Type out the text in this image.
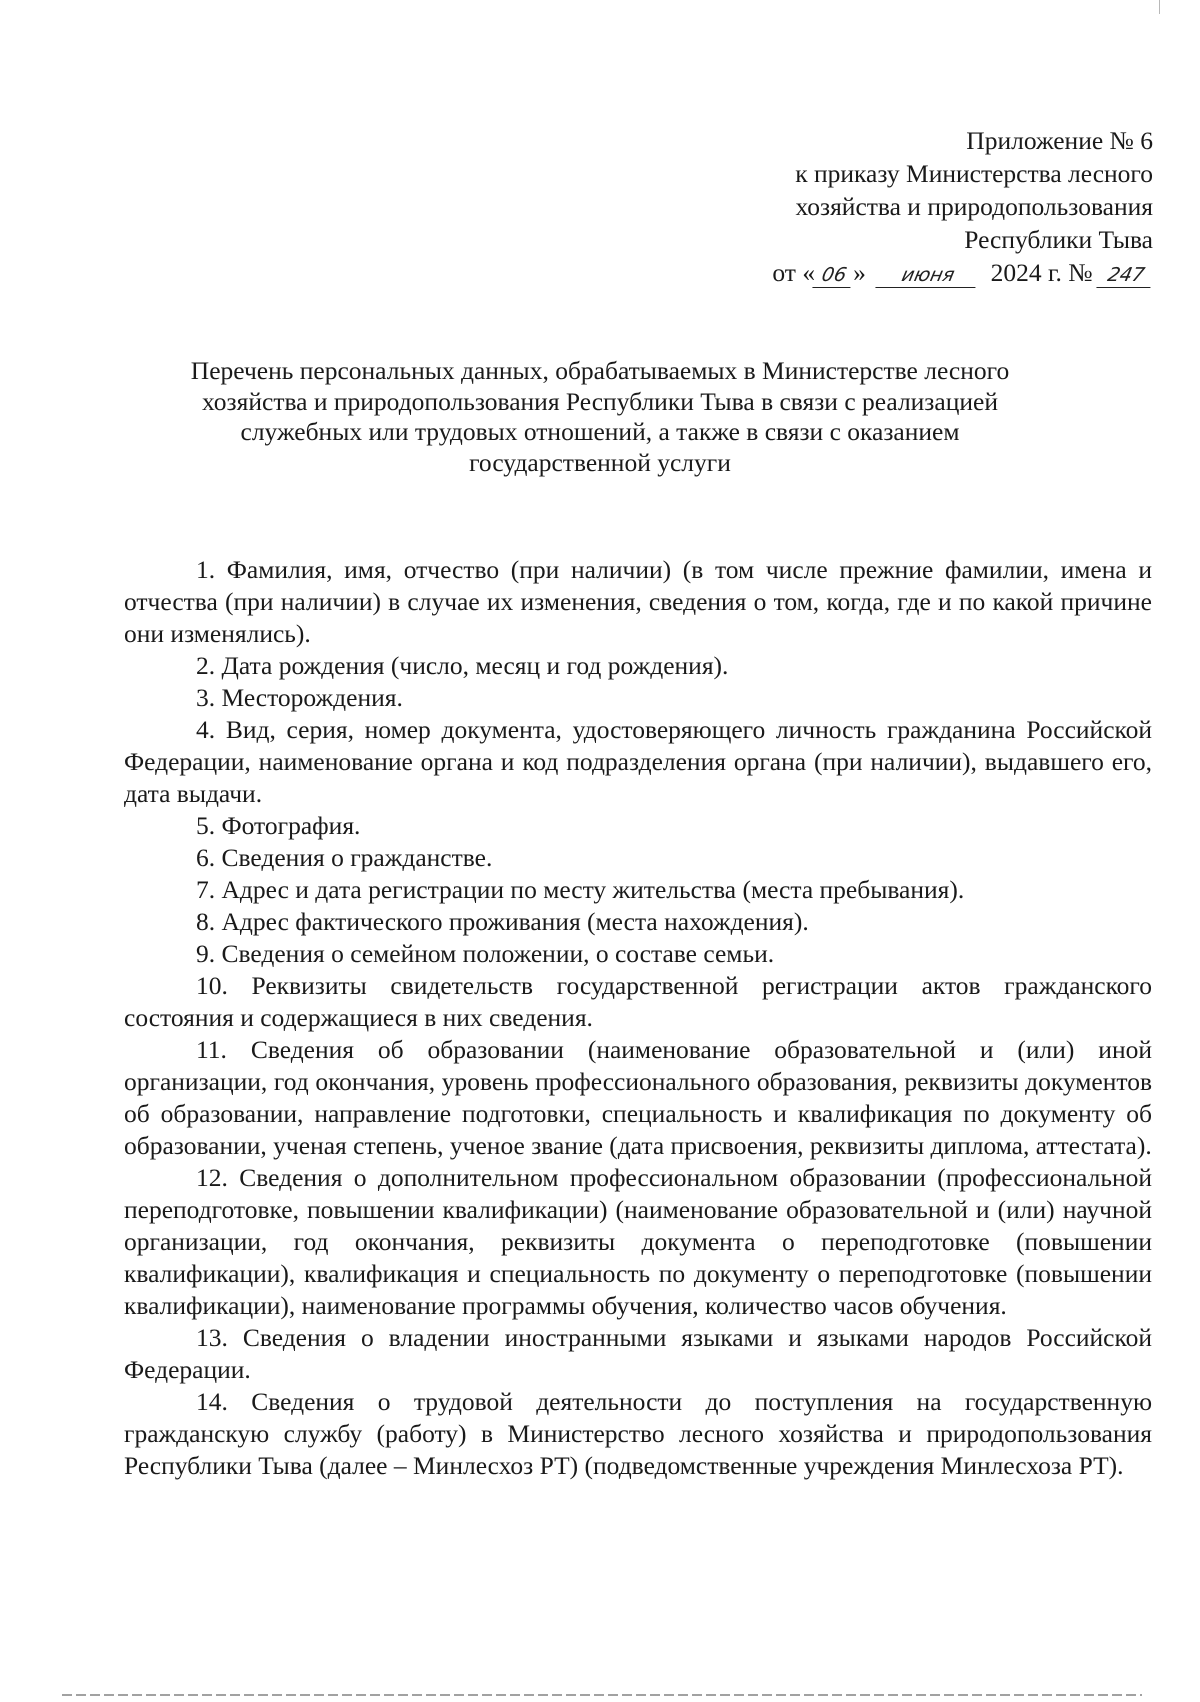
Приложение № 6
к приказу Министерства лесного
хозяйства и природопользования
Республики Тыва
от « 06 » июня 2024 г. № 247
Перечень персональных данных, обрабатываемых в Министерстве лесного
хозяйства и природопользования Республики Тыва в связи с реализацией
служебных или трудовых отношений, а также в связи с оказанием
государственной услуги

1. Фамилия, имя, отчество (при наличии) (в том числе прежние фамилии, имена и отчества (при наличии) в случае их изменения, сведения о том, когда, где и по какой причине они изменялись).

2. Дата рождения (число, месяц и год рождения).

3. Месторождения.

4. Вид, серия, номер документа, удостоверяющего личность гражданина Российской Федерации, наименование органа и код подразделения органа (при наличии), выдавшего его, дата выдачи.

5. Фотография.

6. Сведения о гражданстве.

7. Адрес и дата регистрации по месту жительства (места пребывания).

8. Адрес фактического проживания (места нахождения).

9. Сведения о семейном положении, о составе семьи.

10. Реквизиты свидетельств государственной регистрации актов гражданского состояния и содержащиеся в них сведения.

11. Сведения об образовании (наименование образовательной и (или) иной организации, год окончания, уровень профессионального образования, реквизиты документов об образовании, направление подготовки, специальность и квалификация по документу об образовании, ученая степень, ученое звание (дата присвоения, реквизиты диплома, аттестата).

12. Сведения о дополнительном профессиональном образовании (профессиональной переподготовке, повышении квалификации) (наименование образовательной и (или) научной организации, год окончания, реквизиты документа о переподготовке (повышении квалификации), квалификация и специальность по документу о переподготовке (повышении квалификации), наименование программы обучения, количество часов обучения.

13. Сведения о владении иностранными языками и языками народов Российской Федерации.

14. Сведения о трудовой деятельности до поступления на государственную гражданскую службу (работу) в Министерство лесного хозяйства и природопользования Республики Тыва (далее – Минлесхоз РТ) (подведомственные учреждения Минлесхоза РТ).
